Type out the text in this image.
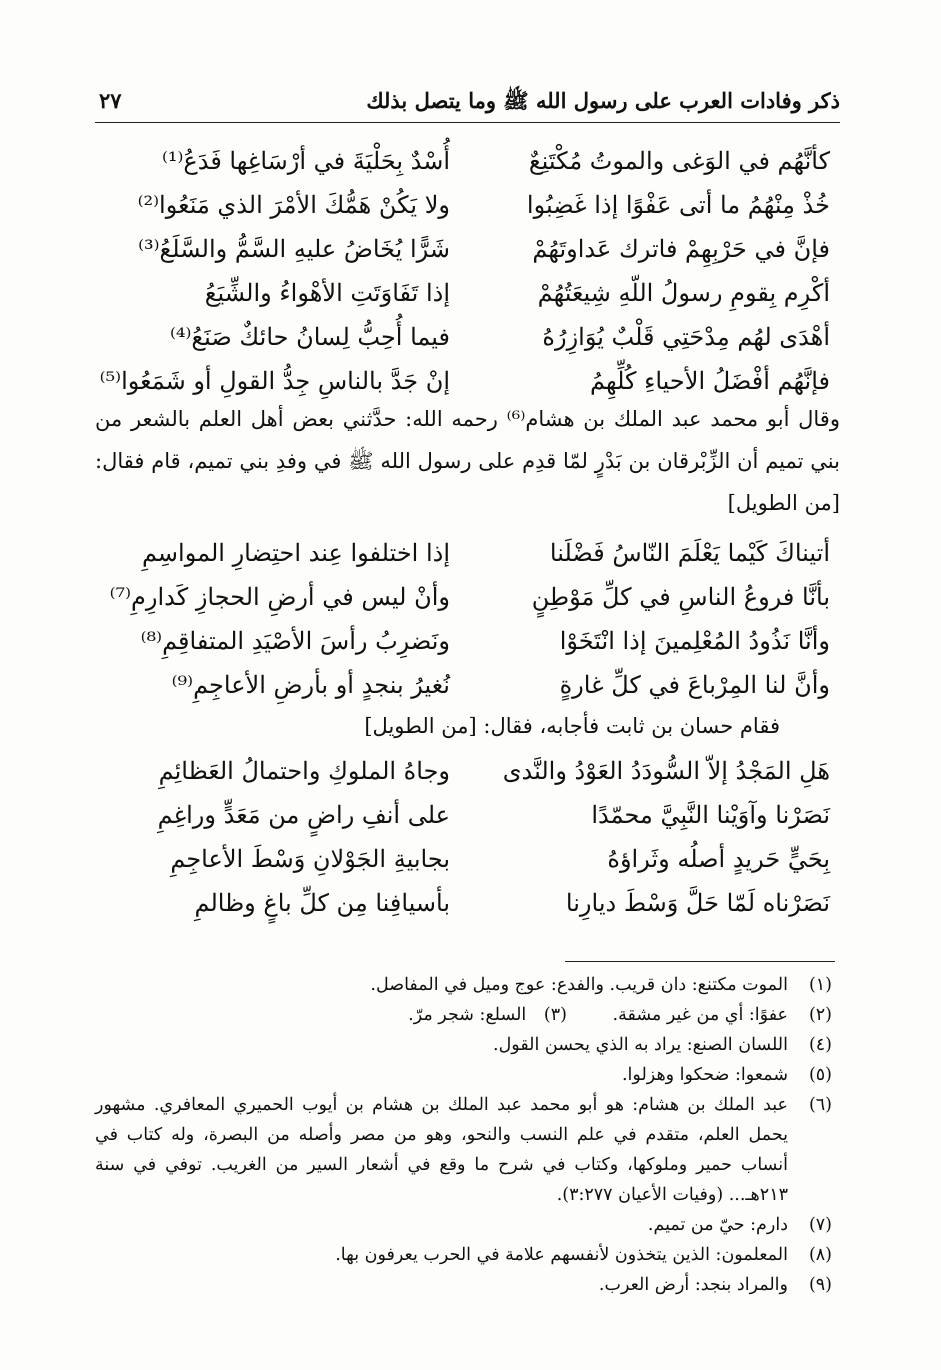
ذكر وفادات العرب على رسول الله ﷺ وما يتصل بذلك
٢٧
كأنَّهُم في الوَغى والموتُ مُكْتَنِعٌ
أُسْدٌ بِحَلْيَةَ في أرْسَاغِها فَدَعُ⁽¹⁾
خُذْ مِنْهُمُ ما أتى عَفْوًا إذا غَضِبُوا
ولا يَكُنْ هَمُّكَ الأمْرَ الذي مَنَعُوا⁽²⁾
فإنَّ في حَرْبِهِمْ فاترك عَداوتَهُمْ
شَرًّا يُخَاضُ عليهِ السَّمُّ والسَّلَعُ⁽³⁾
أكْرِم بِقومِ رسولُ اللّهِ شِيعَتُهُمْ
إذا تَفَاوَتَتِ الأهْواءُ والشِّيَعُ
أهْدَى لهُم مِدْحَتِي قَلْبٌ يُوَازِرُهُ
فيما أُحِبُّ لِسانُ حائكٌ صَنَعُ⁽⁴⁾
فإنَّهُم أفْضَلُ الأحياءِ كُلِّهِمُ
إنْ جَدَّ بالناسِ جِدُّ القولِ أو شَمَعُوا⁽⁵⁾

وقال أبو محمد عبد الملك بن هشام⁽⁶⁾ رحمه الله: حدَّثني بعض أهل العلم بالشعر من بني تميم أن الزِّبْرقان بن بَدْرٍ لمّا قدِم على رسول الله ﷺ في وفدِ بني تميم، قام فقال: [من الطويل]

أتيناكَ كَيْما يَعْلَمَ النّاسُ فَضْلَنا
إذا اختلفوا عِند احتِضارِ المواسِمِ
بأنَّا فروعُ الناسِ في كلِّ مَوْطِنٍ
وأنْ ليس في أرضِ الحجازِ كَدارِمِ⁽⁷⁾
وأنَّا نَذُودُ المُعْلِمينَ إذا انْتَخَوْا
ونَضرِبُ رأسَ الأصْيَدِ المتفاقِمِ⁽⁸⁾
وأنَّ لنا المِرْباعَ في كلِّ غارةٍ
نُغيرُ بنجدٍ أو بأرضِ الأعاجِمِ⁽⁹⁾
فقام حسان بن ثابت فأجابه، فقال: [من الطويل]
هَلِ المَجْدُ إلاّ السُّودَدُ العَوْدُ والنَّدى
وجاهُ الملوكِ واحتمالُ العَظائِمِ
نَصَرْنا وآوَيْنا النَّبِيَّ محمّدًا
على أنفِ راضٍ من مَعَدٍّ وراغِمِ
بِحَيٍّ حَريدٍ أصلُه وثَراؤهُ
بجابيةِ الجَوْلانِ وَسْطَ الأعاجِمِ
نَصَرْناه لَمّا حَلَّ وَسْطَ ديارِنا
بأسيافِنا مِن كلِّ باغٍ وظالمِ
(١)
الموت مكتنع: دان قريب. والفدع: عوج وميل في المفاصل.
(٢)
عفوًا: أي من غير مشقة. (٣) السلع: شجر مرّ.
(٤)
اللسان الصنع: يراد به الذي يحسن القول.
(٥)
شمعوا: ضحكوا وهزلوا.
(٦)
عبد الملك بن هشام: هو أبو محمد عبد الملك بن هشام بن أيوب الحميري المعافري. مشهور يحمل العلم، متقدم في علم النسب والنحو، وهو من مصر وأصله من البصرة، وله كتاب في أنساب حمير وملوكها، وكتاب في شرح ما وقع في أشعار السير من الغريب. توفي في سنة ٢١٣هـ... (وفيات الأعيان ٣:٢٧٧).
(٧)
دارم: حيّ من تميم.
(٨)
المعلمون: الذين يتخذون لأنفسهم علامة في الحرب يعرفون بها.
(٩)
والمراد بنجد: أرض العرب.
